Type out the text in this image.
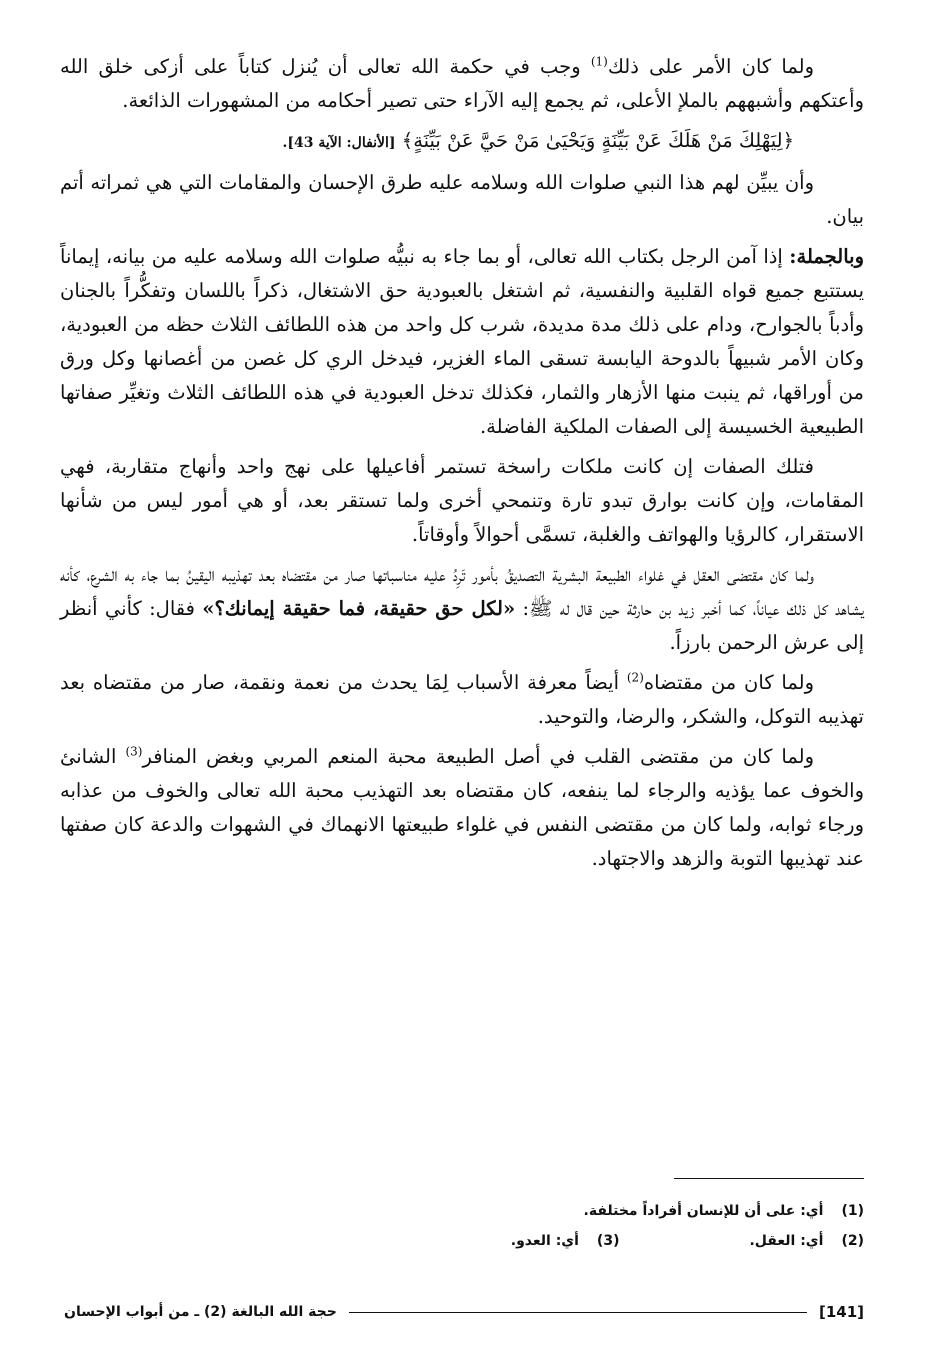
ولما كان الأمر على ذلك$^{(1)}$ وجب في حكمة الله تعالى أن يُنزل كتاباً على أزكى خلق الله وأعتكهم وأشبههم بالملإ الأعلى، ثم يجمع إليه الآراء حتى تصير أحكامه من المشهورات الذائعة.

﴿لِيَهْلِكَ مَنْ هَلَكَ عَنْ بَيِّنَةٍ وَيَحْيَىٰ مَنْ حَيَّ عَنْ بَيِّنَةٍ﴾ [الأنفال: الآية 43].

وأن يبيِّن لهم هذا النبي صلوات الله وسلامه عليه طرق الإحسان والمقامات التي هي ثمراته أتم بيان.

وبالجملة: إذا آمن الرجل بكتاب الله تعالى، أو بما جاء به نبيُّه صلوات الله وسلامه عليه من بيانه، إيماناً يستتبع جميع قواه القلبية والنفسية، ثم اشتغل بالعبودية حق الاشتغال، ذكراً باللسان وتفكُّراً بالجنان وأدباً بالجوارح، ودام على ذلك مدة مديدة، شرب كل واحد من هذه اللطائف الثلاث حظه من العبودية، وكان الأمر شبيهاً بالدوحة اليابسة تسقى الماء الغزير، فيدخل الري كل غصن من أغصانها وكل ورق من أوراقها، ثم ينبت منها الأزهار والثمار، فكذلك تدخل العبودية في هذه اللطائف الثلاث وتغيِّر صفاتها الطبيعية الخسيسة إلى الصفات الملكية الفاضلة.

فتلك الصفات إن كانت ملكات راسخة تستمر أفاعيلها على نهج واحد وأنهاج متقاربة، فهي المقامات، وإن كانت بوارق تبدو تارة وتنمحي أخرى ولما تستقر بعد، أو هي أمور ليس من شأنها الاستقرار، كالرؤيا والهواتف والغلبة، تسمَّى أحوالاً وأوقاتاً.

ولما كان مقتضى العقل في غلواء الطبيعة البشرية التصديقُ بأمور تَرِدُ عليه مناسباتها صار من مقتضاه بعد تهذيبه اليقينُ بما جاء به الشرع، كأنه يشاهد كل ذلك عياناً، كما أخبر زيد بن حارثة حين قال له ﷺ: «لكل حق حقيقة، فما حقيقة إيمانك؟» فقال: كأني أنظر إلى عرش الرحمن بارزاً.

ولما كان من مقتضاه$^{(2)}$ أيضاً معرفة الأسباب لِمَا يحدث من نعمة ونقمة، صار من مقتضاه بعد تهذيبه التوكل، والشكر، والرضا، والتوحيد.

ولما كان من مقتضى القلب في أصل الطبيعة محبة المنعم المربي وبغض المنافر$^{(3)}$ الشانئ والخوف عما يؤذيه والرجاء لما ينفعه، كان مقتضاه بعد التهذيب محبة الله تعالى والخوف من عذابه ورجاء ثوابه، ولما كان من مقتضى النفس في غلواء طبيعتها الانهماك في الشهوات والدعة كان صفتها عند تهذيبها التوبة والزهد والاجتهاد.

(1)أي: على أن للإنسان أفراداً مختلفة.
(2)أي: العقل.
(3)أي: العدو.
حجة الله البالغة (2) ـ من أبواب الإحسان	[141]
